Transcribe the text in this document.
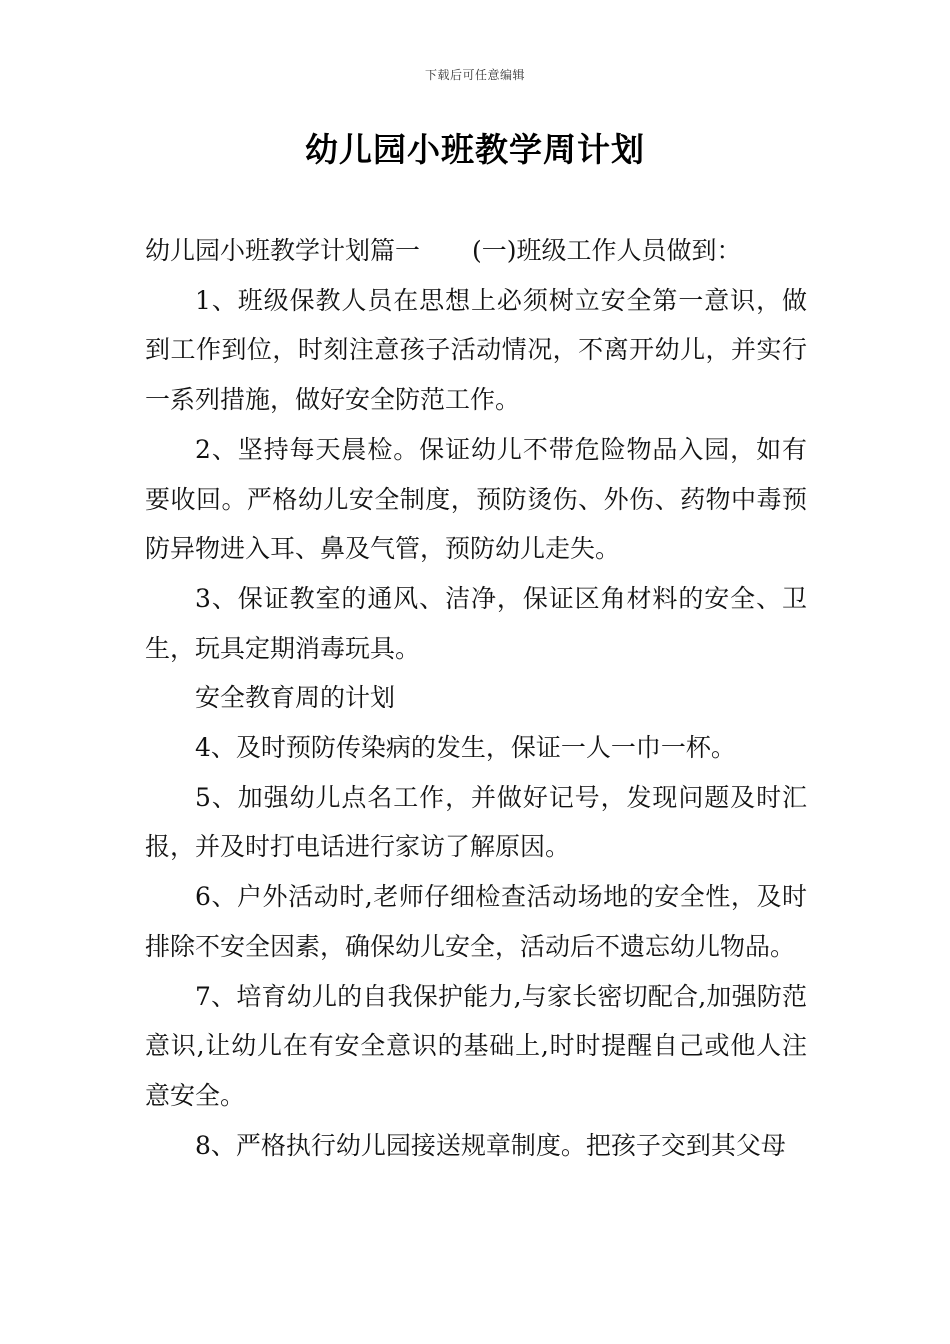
下载后可任意编辑
幼儿园小班教学周计划

幼儿园小班教学计划篇一 (一)班级工作人员做到：

1、班级保教人员在思想上必须树立安全第一意识，做到工作到位，时刻注意孩子活动情况，不离开幼儿，并实行一系列措施，做好安全防范工作。

2、坚持每天晨检。保证幼儿不带危险物品入园，如有要收回。严格幼儿安全制度，预防烫伤、外伤、药物中毒预防异物进入耳、鼻及气管，预防幼儿走失。

3、保证教室的通风、洁净，保证区角材料的安全、卫生，玩具定期消毒玩具。

安全教育周的计划

4、及时预防传染病的发生，保证一人一巾一杯。

5、加强幼儿点名工作，并做好记号，发现问题及时汇报，并及时打电话进行家访了解原因。

6、户外活动时,老师仔细检查活动场地的安全性，及时排除不安全因素，确保幼儿安全，活动后不遗忘幼儿物品。

7、培育幼儿的自我保护能力,与家长密切配合,加强防范意识,让幼儿在有安全意识的基础上,时时提醒自己或他人注意安全。

8、严格执行幼儿园接送规章制度。把孩子交到其父母
